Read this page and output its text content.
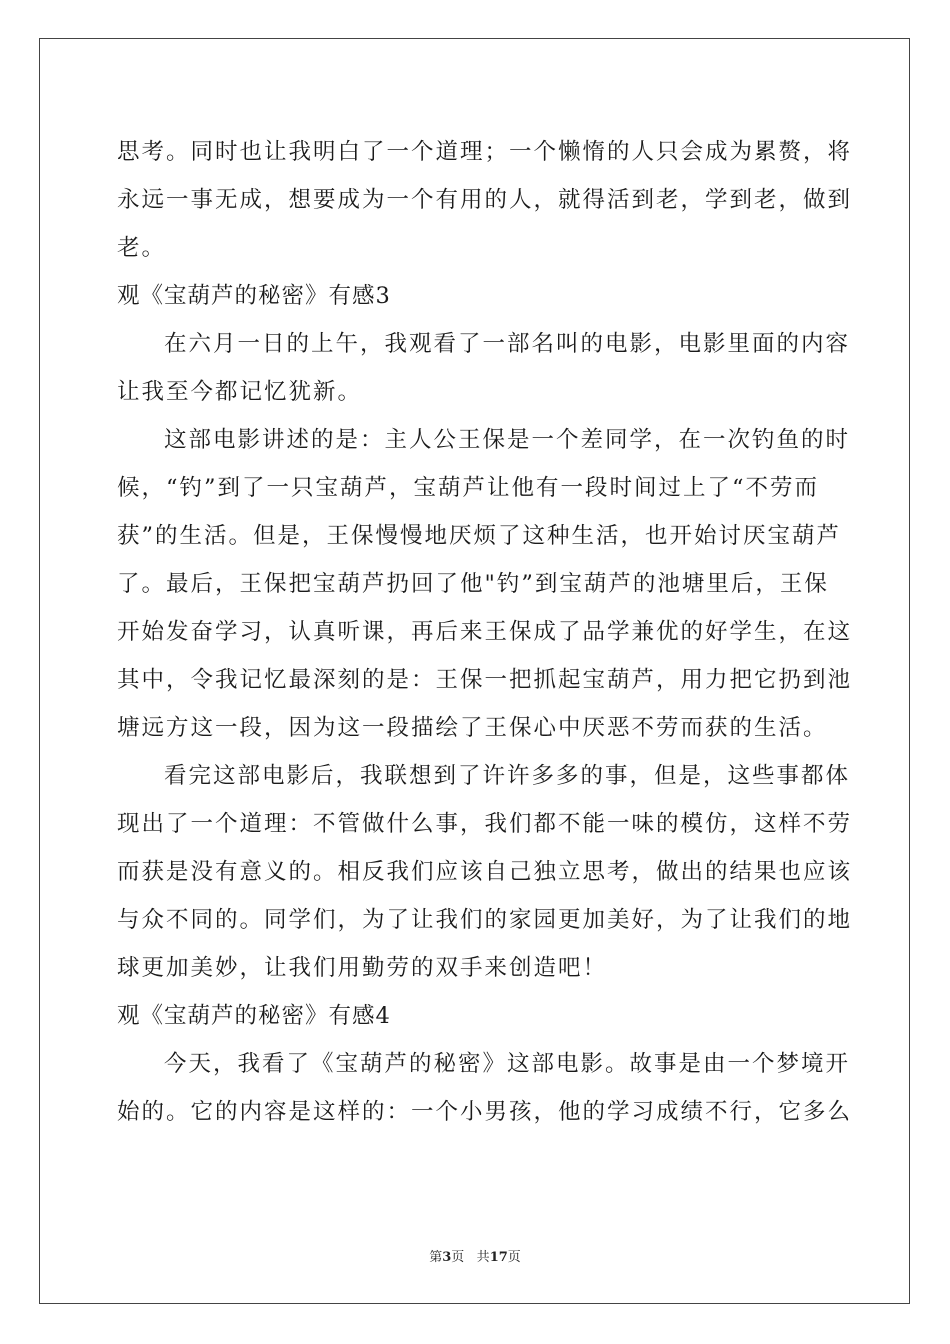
思考。同时也让我明白了一个道理；一个懒惰的人只会成为累赘，将
永远一事无成，想要成为一个有用的人，就得活到老，学到老，做到
老。
观《宝葫芦的秘密》有感3
在六月一日的上午，我观看了一部名叫的电影，电影里面的内容
让我至今都记忆犹新。
这部电影讲述的是：主人公王保是一个差同学，在一次钓鱼的时
候，“钓”到了一只宝葫芦，宝葫芦让他有一段时间过上了“不劳而
获”的生活。但是，王保慢慢地厌烦了这种生活，也开始讨厌宝葫芦
了。最后，王保把宝葫芦扔回了他"钓”到宝葫芦的池塘里后，王保
开始发奋学习，认真听课，再后来王保成了品学兼优的好学生，在这
其中，令我记忆最深刻的是：王保一把抓起宝葫芦，用力把它扔到池
塘远方这一段，因为这一段描绘了王保心中厌恶不劳而获的生活。
看完这部电影后，我联想到了许许多多的事，但是，这些事都体
现出了一个道理：不管做什么事，我们都不能一味的模仿，这样不劳
而获是没有意义的。相反我们应该自己独立思考，做出的结果也应该
与众不同的。同学们，为了让我们的家园更加美好，为了让我们的地
球更加美妙，让我们用勤劳的双手来创造吧！
观《宝葫芦的秘密》有感4
今天，我看了《宝葫芦的秘密》这部电影。故事是由一个梦境开
始的。它的内容是这样的：一个小男孩，他的学习成绩不行，它多么
第3页 共17页
